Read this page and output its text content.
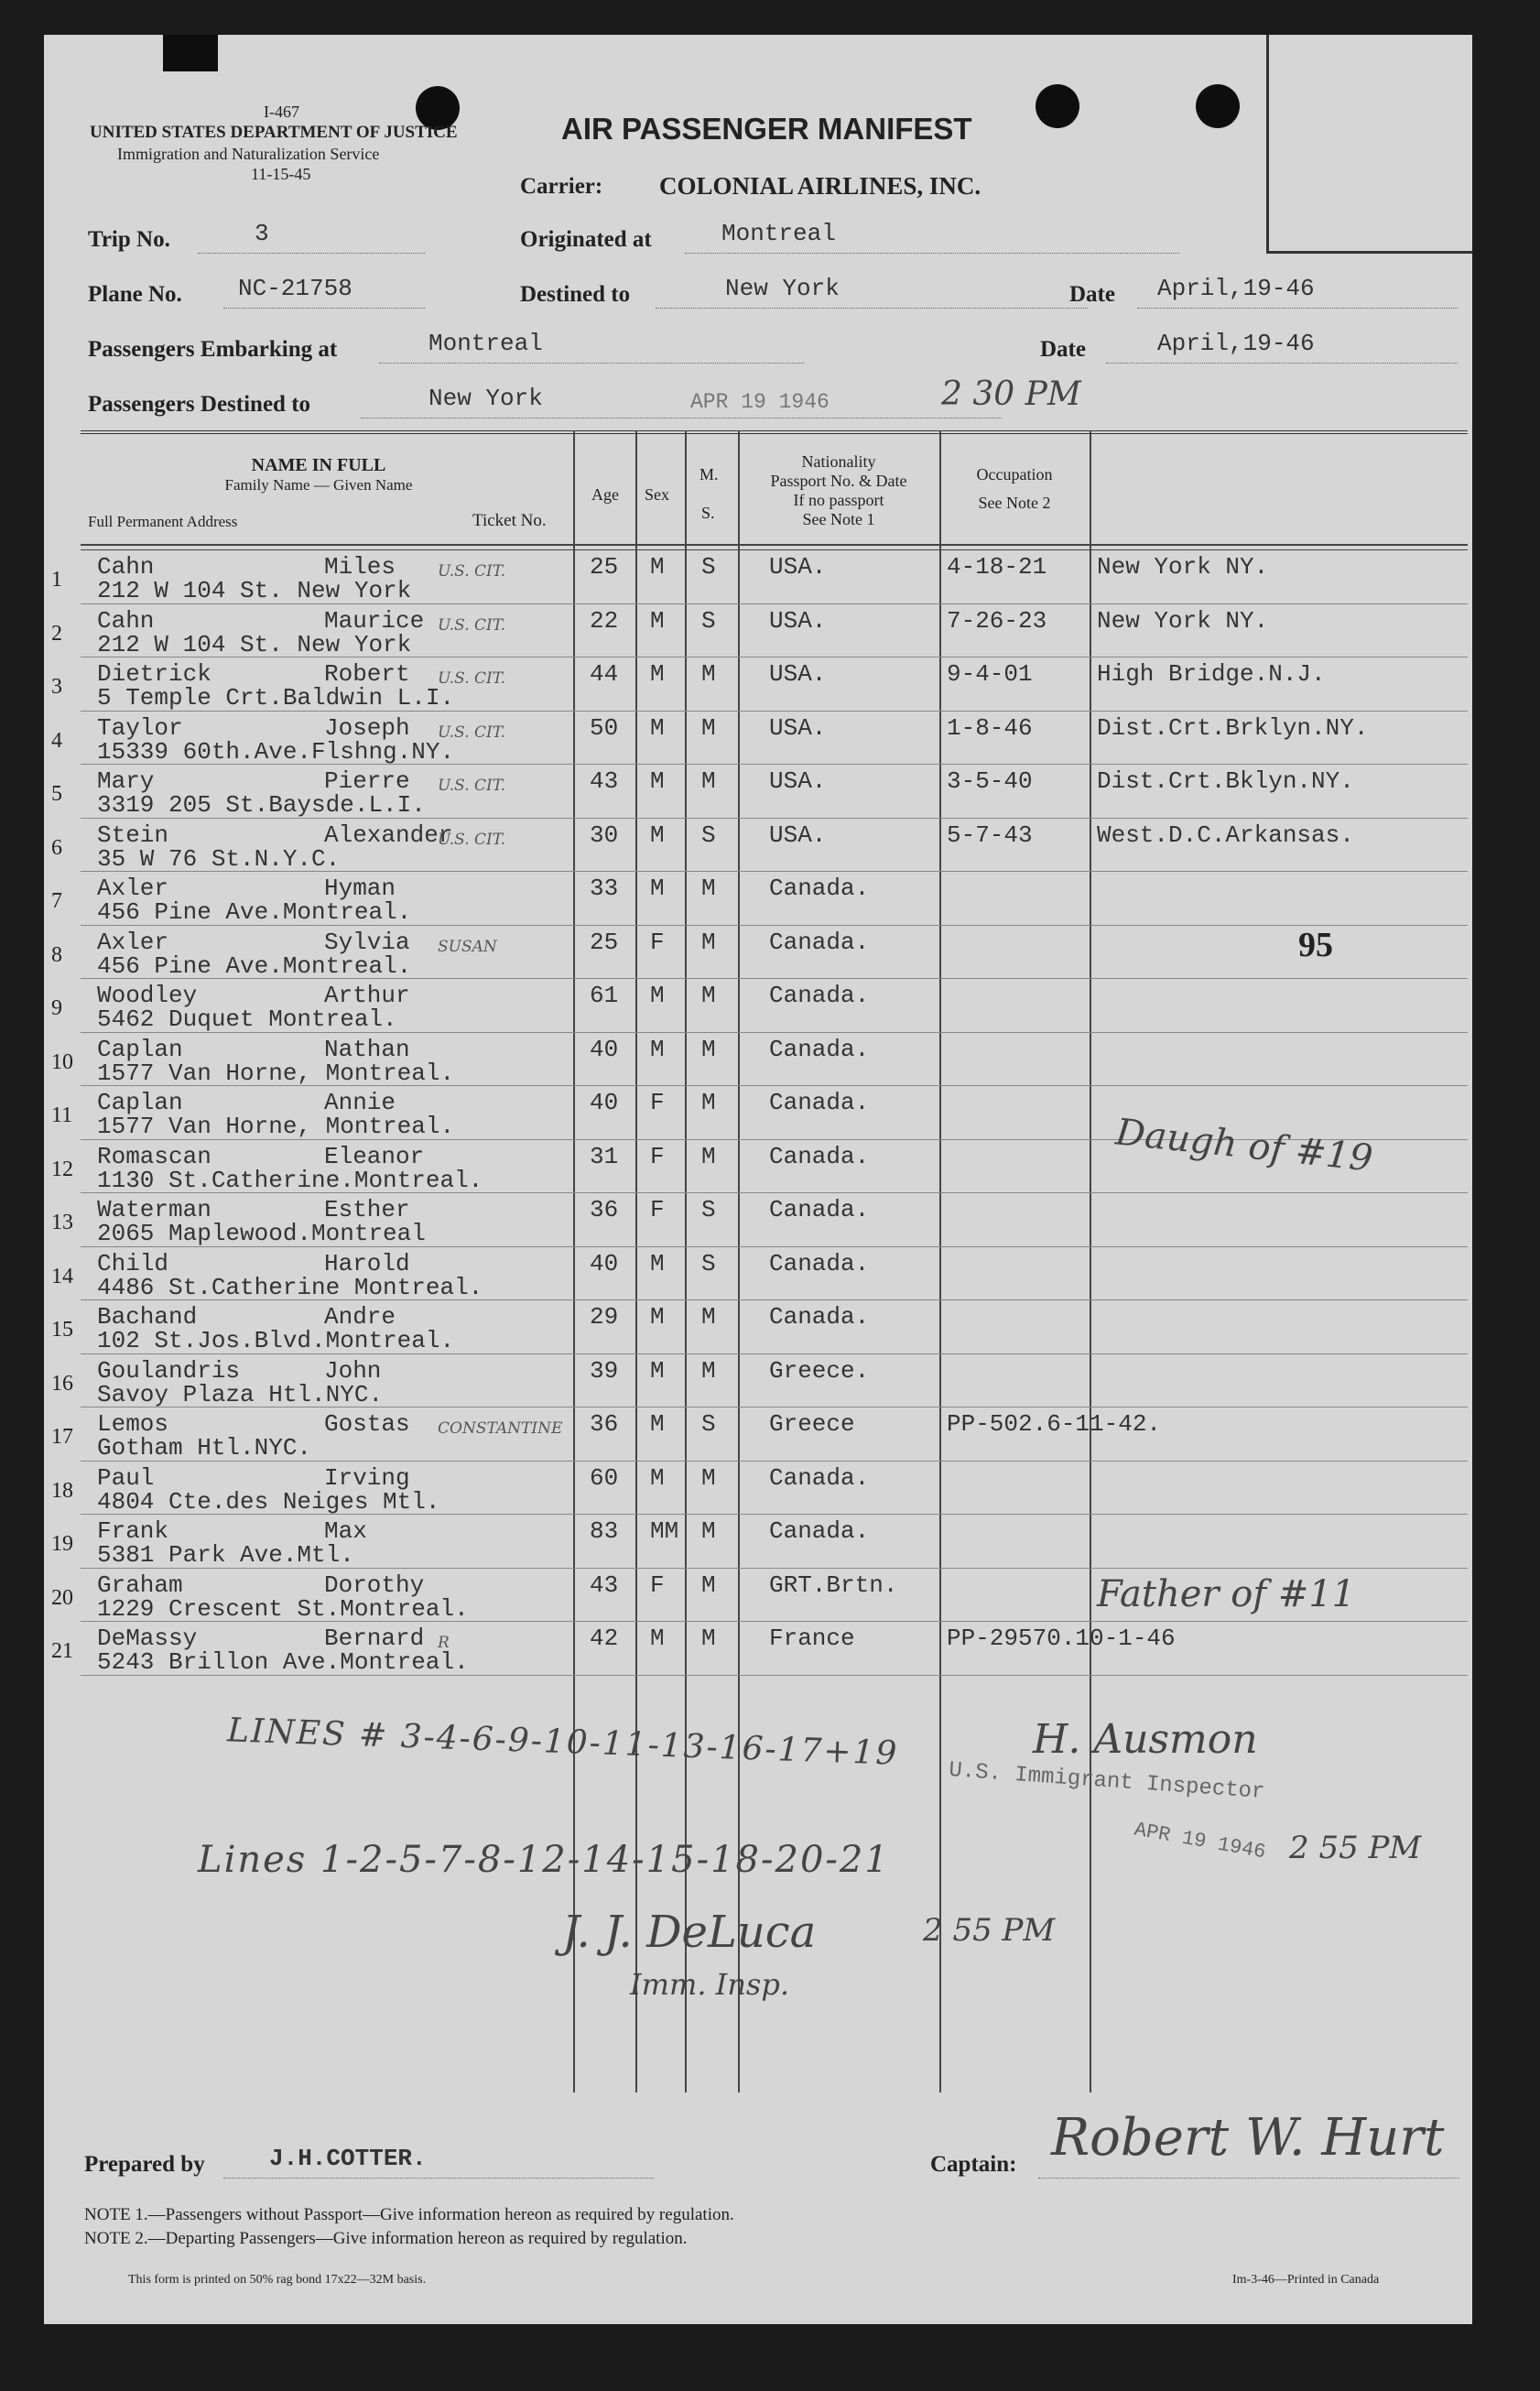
I-467
UNITED STATES DEPARTMENT OF JUSTICE
Immigration and Naturalization Service
11-15-45
AIR PASSENGER MANIFEST
Carrier: COLONIAL AIRLINES, INC.
Trip No.	3	Originated at	Montreal
Plane No. NC-21758	Destined to	New York	Date April,19-46
Passengers Embarking at	Montreal	Date	April,19-46
Passengers Destined to	New York	APR 19 1946	2 30 PM
NAME IN FULL
Family Name — Given Name
Full Permanent Address	Ticket No.
Age Sex
M.
S.
Nationality
Passport No. & Date
If no passport
See Note 1
Occupation
See Note 2
1 Cahn	Miles
212 W 104 St. New York
U.S. CIT.	25 M S USA.	4-18-21 New York NY.
2 Cahn	Maurice
212 W 104 St. New York
U.S. CIT.	22 M S USA.	7-26-23 New York NY.
3 Dietrick	Robert
5 Temple Crt.Baldwin L.I.
U.S. CIT.	44 M M USA.	9-4-01	High Bridge.N.J.
4 Taylor	Joseph
15339 60th.Ave.Flshng.NY.
U.S. CIT.	50 M M USA.	1-8-46	Dist.Crt.Brklyn.NY.
5 Mary	Pierre
3319 205 St.Baysde.L.I.
U.S. CIT.	43 M M USA.	3-5-40	Dist.Crt.Bklyn.NY.
6 Stein	Alexander
35 W 76 St.N.Y.C.
U.S. CIT.	30 M S USA.	5-7-43	West.D.C.Arkansas.
7 Axler	Hyman
456 Pine Ave.Montreal.
33 M M Canada.
8 Axler	Sylvia
456 Pine Ave.Montreal.
SUSAN	25 F M Canada.
9 Woodley	Arthur
5462 Duquet Montreal.
61 M M Canada.
10 Caplan	Nathan
1577 Van Horne, Montreal.
40 M M Canada.
11 Caplan	Annie
1577 Van Horne, Montreal.
40 F M Canada.
12 Romascan	Eleanor
1130 St.Catherine.Montreal.
31 F M Canada.
13 Waterman	Esther
2065 Maplewood.Montreal
36 F S Canada.
14 Child	Harold
4486 St.Catherine Montreal.
40 M S Canada.
15 Bachand	Andre
102 St.Jos.Blvd.Montreal.
29 M M Canada.
16 Goulandris	John
Savoy Plaza Htl.NYC.
39 M M Greece.
17 Lemos	Gostas
Gotham Htl.NYC.
CONSTANTINE 36 M S Greece	PP-502.6-11-42.
18 Paul	Irving
4804 Cte.des Neiges Mtl.
60 M M Canada.
19 Frank	Max
5381 Park Ave.Mtl.
83 MM M Canada.
20 Graham	Dorothy
1229 Crescent St.Montreal.
43 F M GRT.Brtn.
21 DeMassy	Bernard
5243 Brillon Ave.Montreal.
R	42 M M France	PP-29570.10-1-46
95
Daugh of #19
Father of #11
LINES # 3-4-6-9-10-11-13-16-17+19	H. Ausmon
U.S. Immigrant Inspector
APR 19 1946 2 55 PM
Lines 1-2-5-7-8-12-14-15-18-20-21
J. J. DeLuca	2 55 PM
Imm. Insp.
Prepared by	J.H.COTTER.	Captain: Robert W. Hurt
NOTE 1.—Passengers without Passport—Give information hereon as required by regulation.
NOTE 2.—Departing Passengers—Give information hereon as required by regulation.
This form is printed on 50% rag bond 17x22—32M basis.	Im-3-46—Printed in Canada
